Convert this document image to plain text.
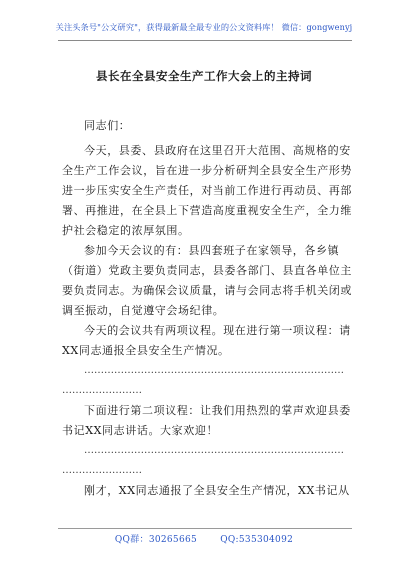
关注头条号"公文研究"，获得最新最全最专业的公文资料库！ 微信：gongwenyj
县长在全县安全生产工作大会上的主持词

同志们：

今天，县委、县政府在这里召开大范围、高规格的安

全生产工作会议，旨在进一步分析研判全县安全生产形势

进一步压实安全生产责任，对当前工作进行再动员、再部

署、再推进，在全县上下营造高度重视安全生产，全力维

护社会稳定的浓厚氛围。

参加今天会议的有：县四套班子在家领导，各乡镇

（街道）党政主要负责同志，县委各部门、县直各单位主

要负责同志。为确保会议质量，请与会同志将手机关闭或

调至振动，自觉遵守会场纪律。

今天的会议共有两项议程。现在进行第一项议程：请

XX同志通报全县安全生产情况。

……………………………………………………………………

……………………

下面进行第二项议程：让我们用热烈的掌声欢迎县委

书记XX同志讲话。大家欢迎！

……………………………………………………………………

……………………

刚才，XX同志通报了全县安全生产情况，XX书记从

QQ群：30265665	QQ:535304092
